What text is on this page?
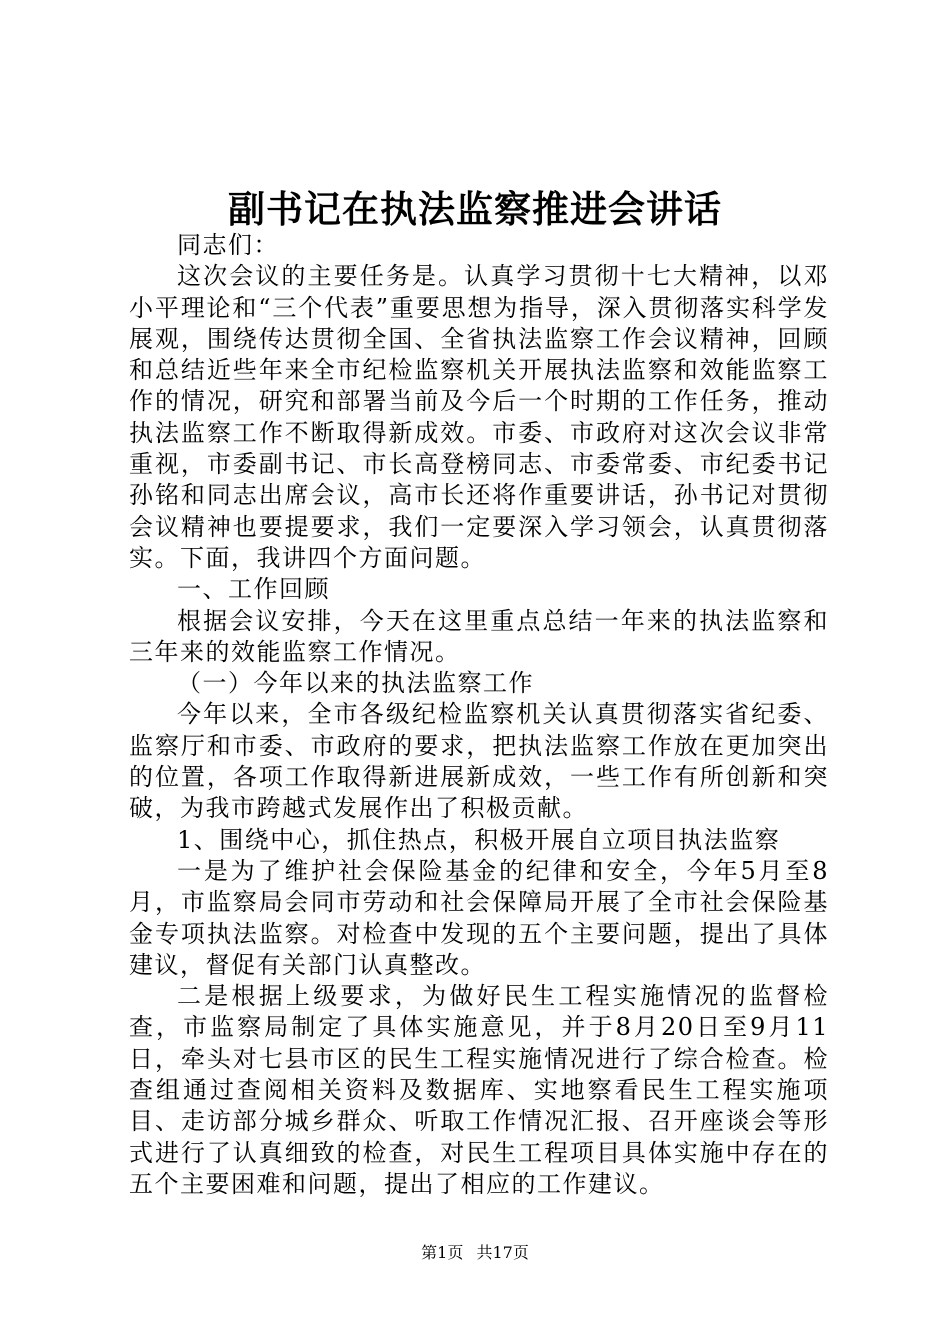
副书记在执法监察推进会讲话

同志们：

这次会议的主要任务是。认真学习贯彻十七大精神，以邓小平理论和“三个代表”重要思想为指导，深入贯彻落实科学发展观，围绕传达贯彻全国、全省执法监察工作会议精神，回顾和总结近些年来全市纪检监察机关开展执法监察和效能监察工作的情况，研究和部署当前及今后一个时期的工作任务，推动执法监察工作不断取得新成效。市委、市政府对这次会议非常重视，市委副书记、市长高登榜同志、市委常委、市纪委书记孙铭和同志出席会议，高市长还将作重要讲话，孙书记对贯彻会议精神也要提要求，我们一定要深入学习领会，认真贯彻落实。下面，我讲四个方面问题。

一、工作回顾

根据会议安排，今天在这里重点总结一年来的执法监察和三年来的效能监察工作情况。

（一）今年以来的执法监察工作

今年以来，全市各级纪检监察机关认真贯彻落实省纪委、监察厅和市委、市政府的要求，把执法监察工作放在更加突出的位置，各项工作取得新进展新成效，一些工作有所创新和突破，为我市跨越式发展作出了积极贡献。

1、围绕中心，抓住热点，积极开展自立项目执法监察

一是为了维护社会保险基金的纪律和安全，今年5月至8月，市监察局会同市劳动和社会保障局开展了全市社会保险基金专项执法监察。对检查中发现的五个主要问题，提出了具体建议，督促有关部门认真整改。

二是根据上级要求，为做好民生工程实施情况的监督检查，市监察局制定了具体实施意见，并于8月20日至9月11日，牵头对七县市区的民生工程实施情况进行了综合检查。检查组通过查阅相关资料及数据库、实地察看民生工程实施项目、走访部分城乡群众、听取工作情况汇报、召开座谈会等形式进行了认真细致的检查，对民生工程项目具体实施中存在的五个主要困难和问题，提出了相应的工作建议。

第1页 共17页
